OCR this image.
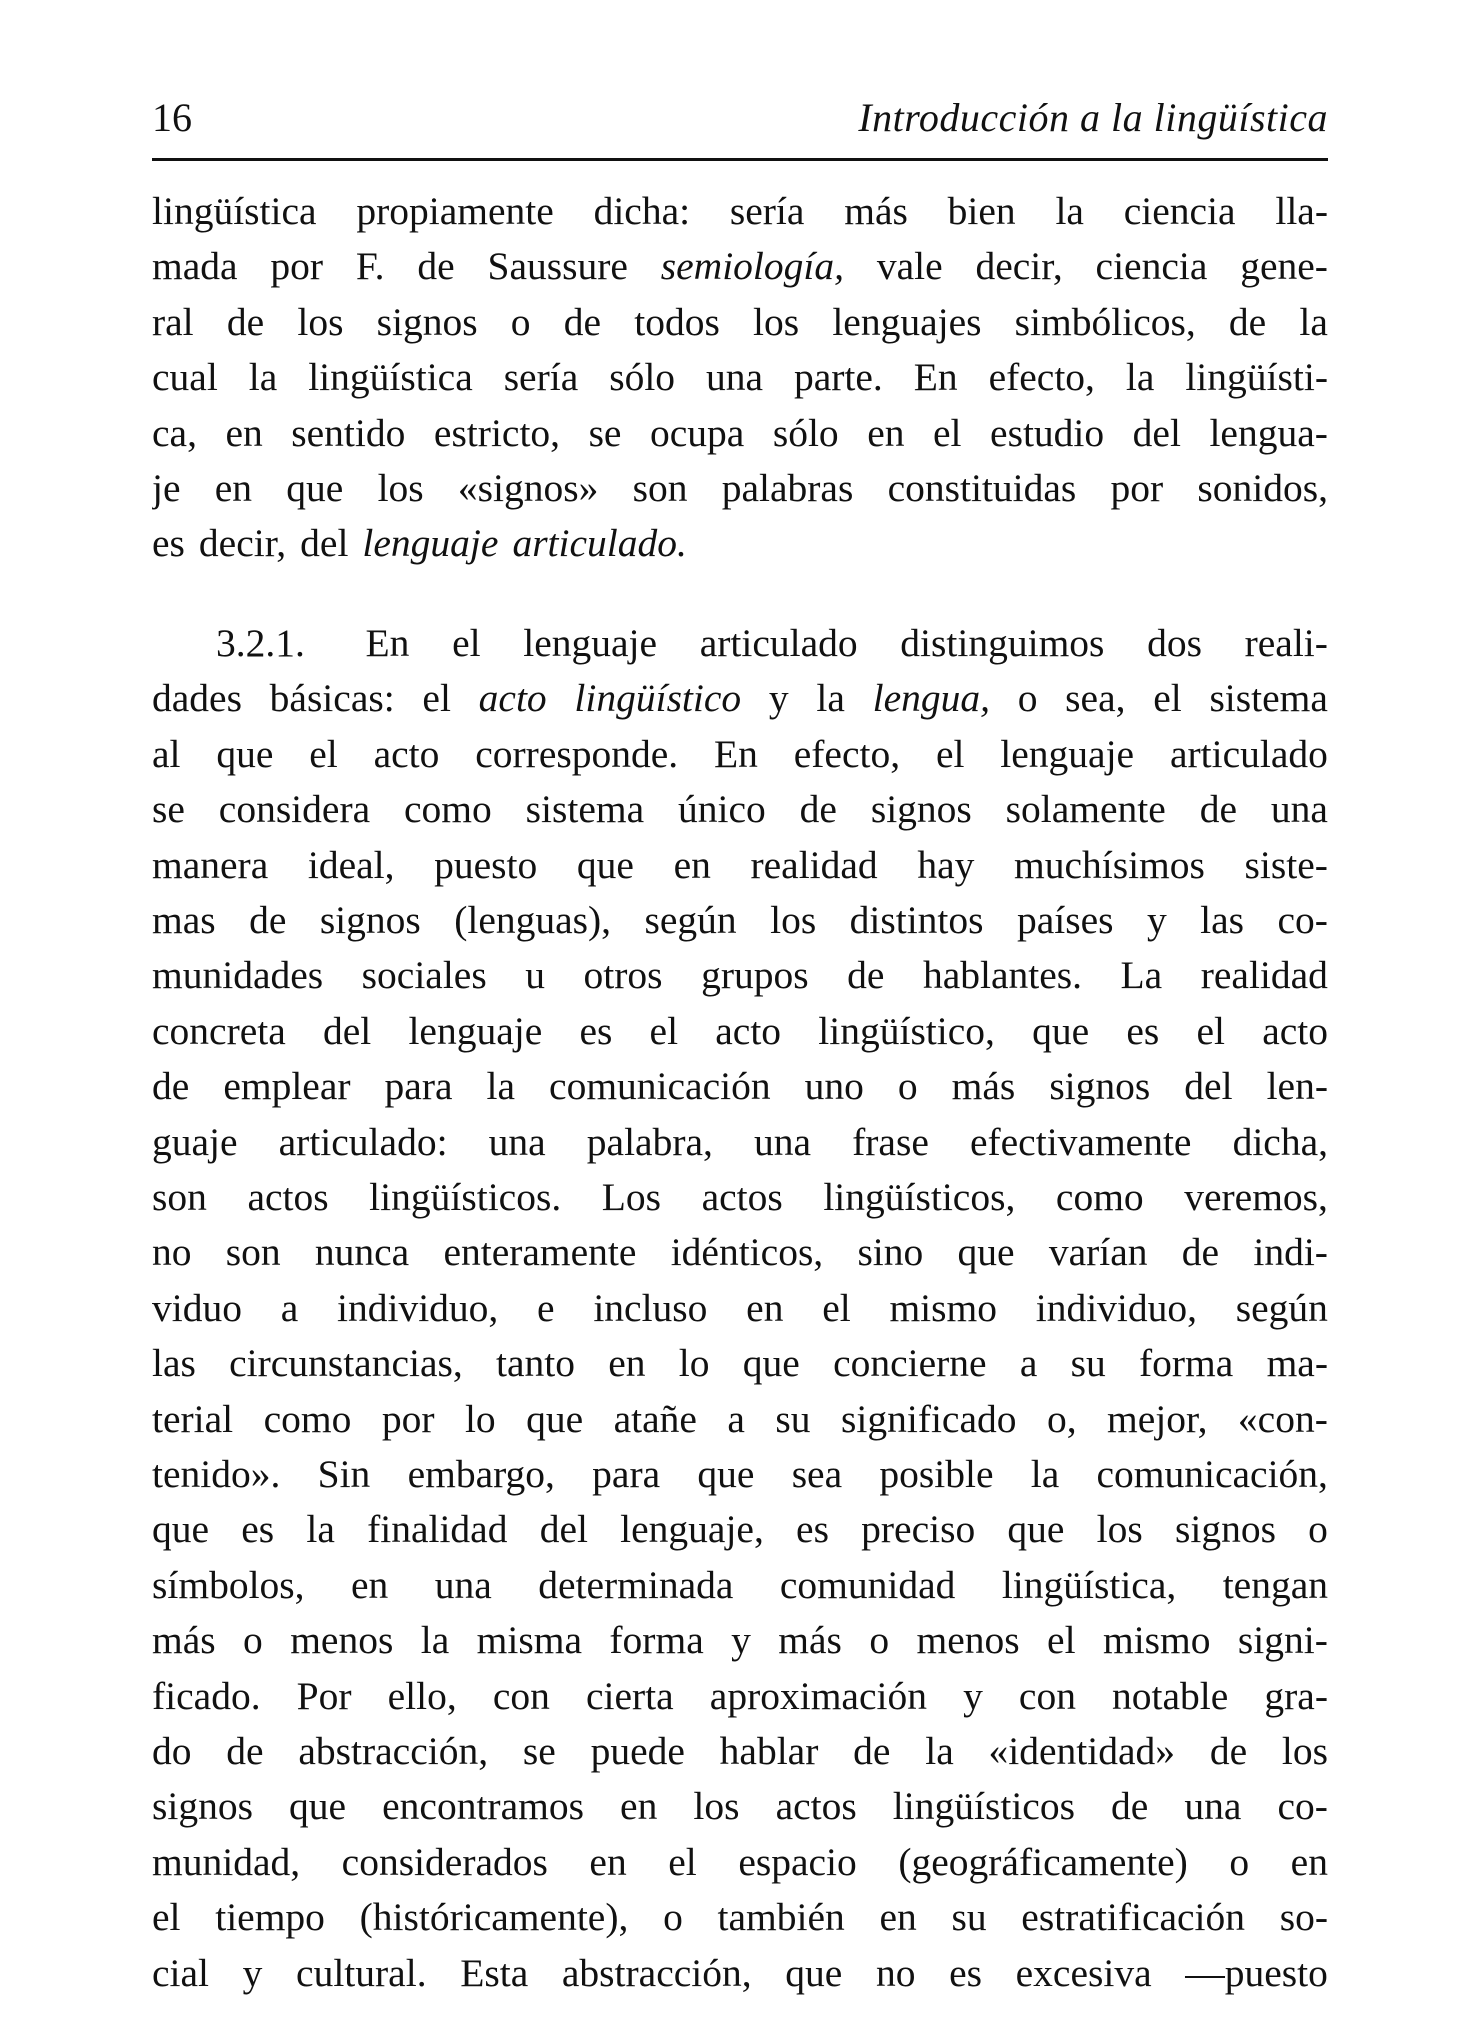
16	Introducción a la lingüística
lingüística propiamente dicha: sería más bien la ciencia lla-
mada por F. de Saussure semiología, vale decir, ciencia gene-
ral de los signos o de todos los lenguajes simbólicos, de la
cual la lingüística sería sólo una parte. En efecto, la lingüísti-
ca, en sentido estricto, se ocupa sólo en el estudio del lengua-
je en que los «signos» son palabras constituidas por sonidos,
es decir, del lenguaje articulado.
3.2.1. En el lenguaje articulado distinguimos dos reali-
dades básicas: el acto lingüístico y la lengua, o sea, el sistema
al que el acto corresponde. En efecto, el lenguaje articulado
se considera como sistema único de signos solamente de una
manera ideal, puesto que en realidad hay muchísimos siste-
mas de signos (lenguas), según los distintos países y las co-
munidades sociales u otros grupos de hablantes. La realidad
concreta del lenguaje es el acto lingüístico, que es el acto
de emplear para la comunicación uno o más signos del len-
guaje articulado: una palabra, una frase efectivamente dicha,
son actos lingüísticos. Los actos lingüísticos, como veremos,
no son nunca enteramente idénticos, sino que varían de indi-
viduo a individuo, e incluso en el mismo individuo, según
las circunstancias, tanto en lo que concierne a su forma ma-
terial como por lo que atañe a su significado o, mejor, «con-
tenido». Sin embargo, para que sea posible la comunicación,
que es la finalidad del lenguaje, es preciso que los signos o
símbolos, en una determinada comunidad lingüística, tengan
más o menos la misma forma y más o menos el mismo signi-
ficado. Por ello, con cierta aproximación y con notable gra-
do de abstracción, se puede hablar de la «identidad» de los
signos que encontramos en los actos lingüísticos de una co-
munidad, considerados en el espacio (geográficamente) o en
el tiempo (históricamente), o también en su estratificación so-
cial y cultural. Esta abstracción, que no es excesiva —puesto
